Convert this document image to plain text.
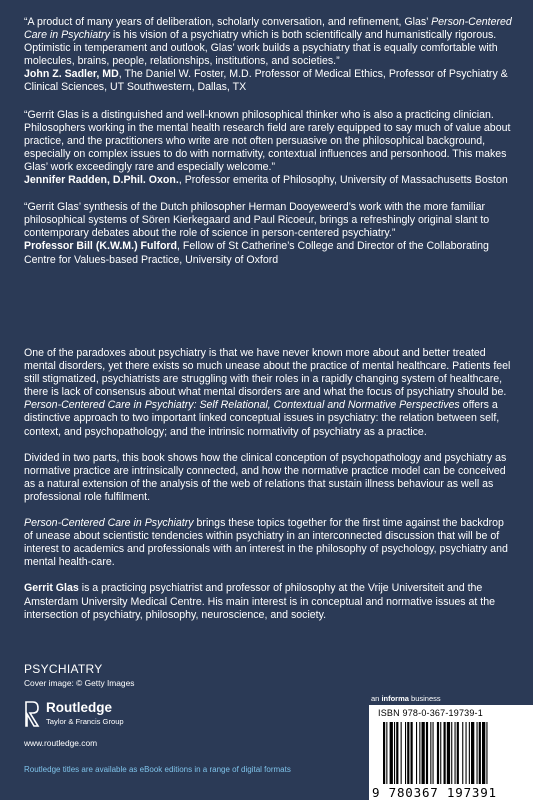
“A product of many years of deliberation, scholarly conversation, and refinement, Glas’ Person-Centered Care in Psychiatry is his vision of a psychiatry which is both scientifically and humanistically rigorous. Optimistic in temperament and outlook, Glas’ work builds a psychiatry that is equally comfortable with molecules, brains, people, relationships, institutions, and societies.”

John Z. Sadler, MD, The Daniel W. Foster, M.D. Professor of Medical Ethics, Professor of Psychiatry & Clinical Sciences, UT Southwestern, Dallas, TX

“Gerrit Glas is a distinguished and well-known philosophical thinker who is also a practicing clinician. Philosophers working in the mental health research field are rarely equipped to say much of value about practice, and the practitioners who write are not often persuasive on the philosophical background, especially on complex issues to do with normativity, contextual influences and personhood. This makes Glas’ work exceedingly rare and especially welcome.”

Jennifer Radden, D.Phil. Oxon., Professor emerita of Philosophy, University of Massachusetts Boston

“Gerrit Glas’ synthesis of the Dutch philosopher Herman Dooyeweerd’s work with the more familiar philosophical systems of Sören Kierkegaard and Paul Ricoeur, brings a refreshingly original slant to contemporary debates about the role of science in person-centered psychiatry.”

Professor Bill (K.W.M.) Fulford, Fellow of St Catherine’s College and Director of the Collaborating Centre for Values-based Practice, University of Oxford

One of the paradoxes about psychiatry is that we have never known more about and better treated mental disorders, yet there exists so much unease about the practice of mental healthcare. Patients feel still stigmatized, psychiatrists are struggling with their roles in a rapidly changing system of healthcare, there is lack of consensus about what mental disorders are and what the focus of psychiatry should be. Person-Centered Care in Psychiatry: Self Relational, Contextual and Normative Perspectives offers a distinctive approach to two important linked conceptual issues in psychiatry: the relation between self, context, and psychopathology; and the intrinsic normativity of psychiatry as a practice.

Divided in two parts, this book shows how the clinical conception of psychopathology and psychiatry as normative practice are intrinsically connected, and how the normative practice model can be conceived as a natural extension of the analysis of the web of relations that sustain illness behaviour as well as professional role fulfilment.

Person-Centered Care in Psychiatry brings these topics together for the first time against the backdrop of unease about scientistic tendencies within psychiatry in an interconnected discussion that will be of interest to academics and professionals with an interest in the philosophy of psychology, psychiatry and mental health-care.

Gerrit Glas is a practicing psychiatrist and professor of philosophy at the Vrije Universiteit and the Amsterdam University Medical Centre. His main interest is in conceptual and normative issues at the intersection of psychiatry, philosophy, neuroscience, and society.

PSYCHIATRY
Cover image: © Getty Images
Routledge
Taylor & Francis Group
www.routledge.com
Routledge titles are available as eBook editions in a range of digital formats
an informa business
ISBN 978-0-367-19739-1
9 780367 197391
